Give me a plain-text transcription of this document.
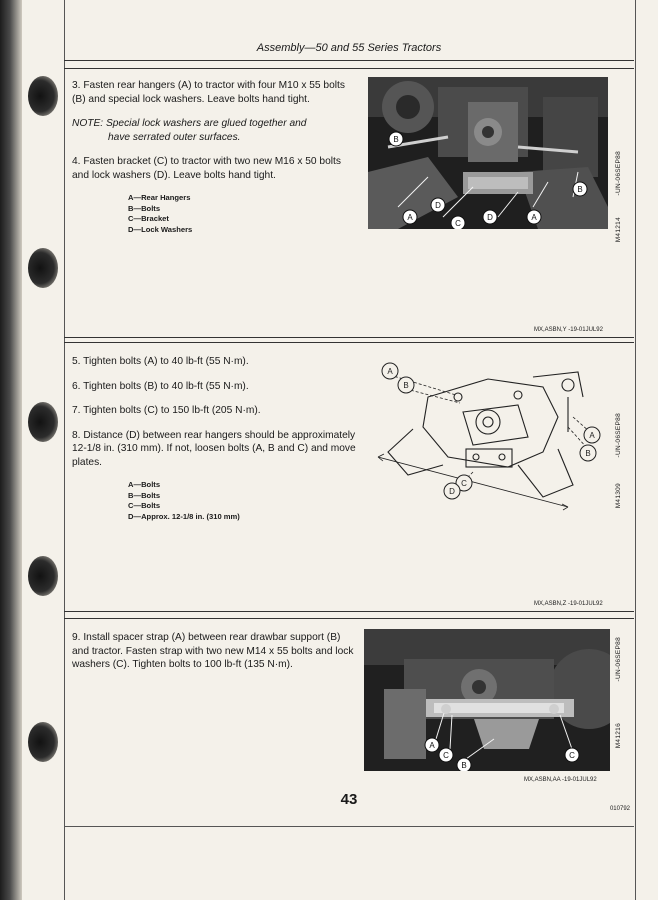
Assembly—50 and 55 Series Tractors

3. Fasten rear hangers (A) to tractor with four M10 x 55 bolts (B) and special lock washers. Leave bolts hand tight.

NOTE: Special lock washers are glued together and
have serrated outer surfaces.

4. Fasten bracket (C) to tractor with two new M16 x 50 bolts and lock washers (D). Leave bolts hand tight.

A—Rear Hangers
B—Bolts
C—Bracket
D—Lock Washers
B
B
A
D
C
D	A
-UN-06SEP88
M41214
MX,ASBN,Y -19-01JUL92

5. Tighten bolts (A) to 40 lb-ft (55 N·m).

6. Tighten bolts (B) to 40 lb-ft (55 N·m).

7. Tighten bolts (C) to 150 lb-ft (205 N·m).

8. Distance (D) between rear hangers should be approximately 12-1/8 in. (310 mm). If not, loosen bolts (A, B and C) and move plates.

A—Bolts
B—Bolts
C—Bolts
D—Approx. 12-1/8 in. (310 mm)
A
B
A
B
C
D
-UN-06SEP88
M41309
MX,ASBN,Z -19-01JUL92

9. Install spacer strap (A) between rear drawbar support (B) and tractor. Fasten strap with two new M14 x 55 bolts and lock washers (C). Tighten bolts to 100 lb-ft (135 N·m).

A
C
B
C
-UN-06SEP88
M41216
MX,ASBN,AA -19-01JUL92
43
010792
